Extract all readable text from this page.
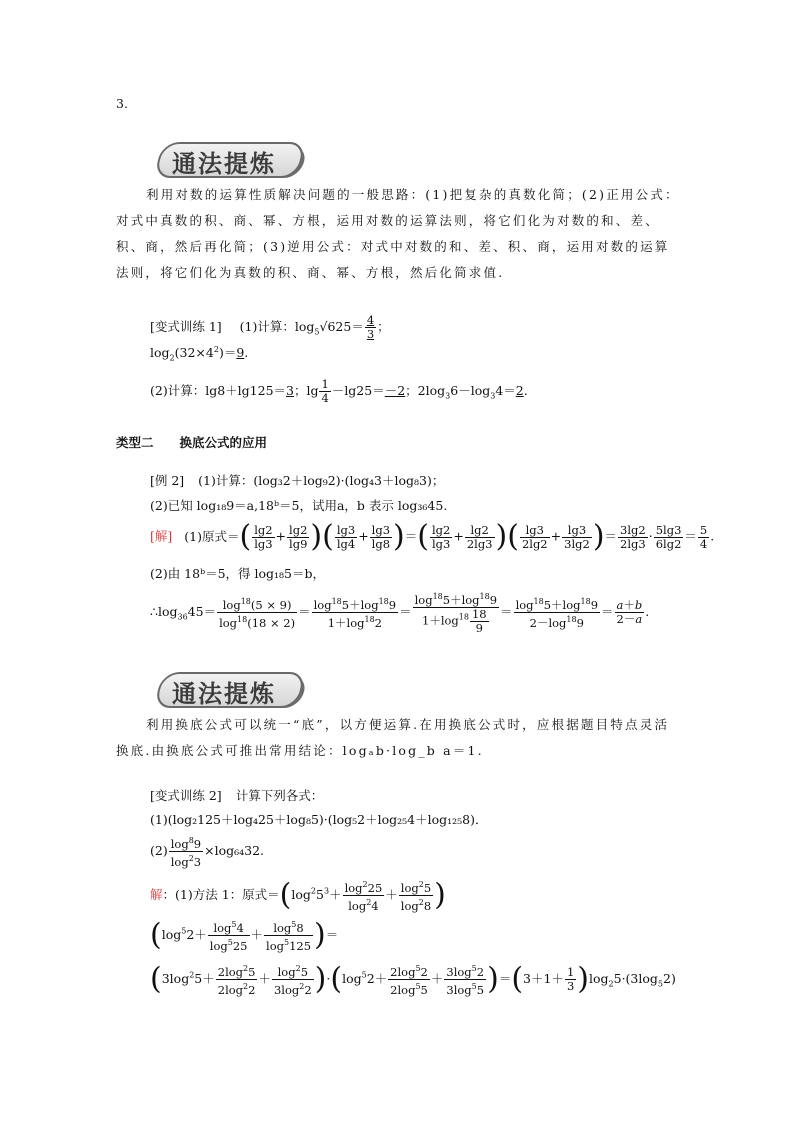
3.
通法提炼
利用对数的运算性质解决问题的一般思路：(1)把复杂的真数化简；(2)正用公式：对式中真数的积、商、幂、方根，运用对数的运算法则，将它们化为对数的和、差、积、商，然后再化简；(3)逆用公式：对式中对数的和、差、积、商，运用对数的运算法则，将它们化为真数的积、商、幂、方根，然后化简求值.
[变式训练 1] (1)计算：$\log_5√625= \frac{4}{3}$ ；
$\log_2(32\times 4^2)=9$.
(2)计算：lg8＋lg125＝3；$\lg \frac{1}{4} -\lg 25=-2$；$2\log_36-\log_34=2$.
类型二 换底公式的应用
[例 2] (1)计算：(log₃2＋log₉2)·(log₄3＋log₈3)；
(2)已知 log₁₈9＝a,18ᵇ＝5，试用a，b 表示 log₃₆45.
[解] (1)原式＝( $\frac{\lg 2}{\lg 3} + \frac{\lg 2}{\lg 9}$ )( $\frac{\lg 3}{\lg 4} + \frac{\lg 3}{\lg 8}$ )＝( $\frac{\lg 2}{\lg 3} + \frac{\lg 2}{2\lg 3}$ )( $\frac{\lg 3}{2\lg 2} + \frac{\lg 3}{3\lg 2}$ )＝ $\frac{3\lg 2}{2\lg 3} \cdot \frac{5\lg 3}{6\lg 2} = \frac{5}{4}$ .
(2)由 18ᵇ＝5，得 log₁₈5＝b，
$\therefore\log_{36}45= \frac{\log^{18}(5 \times 9)}{\log^{18}(18 \times 2)} = \frac{\log^{18}5+\log^{18}9}{1+\log^{18}2} = \frac{\log^{18}5+\log^{18}9}{1+\log^{18} \frac{18}{9}} = \frac{\log^{18}5+\log^{18}9}{2-\log^{18}9} = \frac{a+b}{2-a}$ .
通法提炼
利用换底公式可以统一“底”，以方便运算.在用换底公式时，应根据题目特点灵活换底.由换底公式可推出常用结论：logₐb·log_b a＝1.
[变式训练 2] 计算下列各式：
(1)(log₂125＋log₄25＋log₈5)·(log₅2＋log₂₅4＋log₁₂₅8)．
$(2) \frac{\log^89}{\log^23} \times\log_{64}32$.
解：(1)方法 1：原式$=(\log^25^3+ \frac{\log^225}{\log^24} + \frac{\log^25}{\log^28}$ )
($\log^52+ \frac{\log^54}{\log^525} + \frac{\log^58}{\log^5125}$ )＝
$(3\log^25+ \frac{2\log^25}{2\log^22} + \frac{\log^25}{3\log^22} )\cdot(\log^52+ \frac{2\log^52}{2\log^55} + \frac{3\log^52}{3\log^55} )=(3+1+ \frac{1}{3} )\log_25\cdot(3\log_52)$
